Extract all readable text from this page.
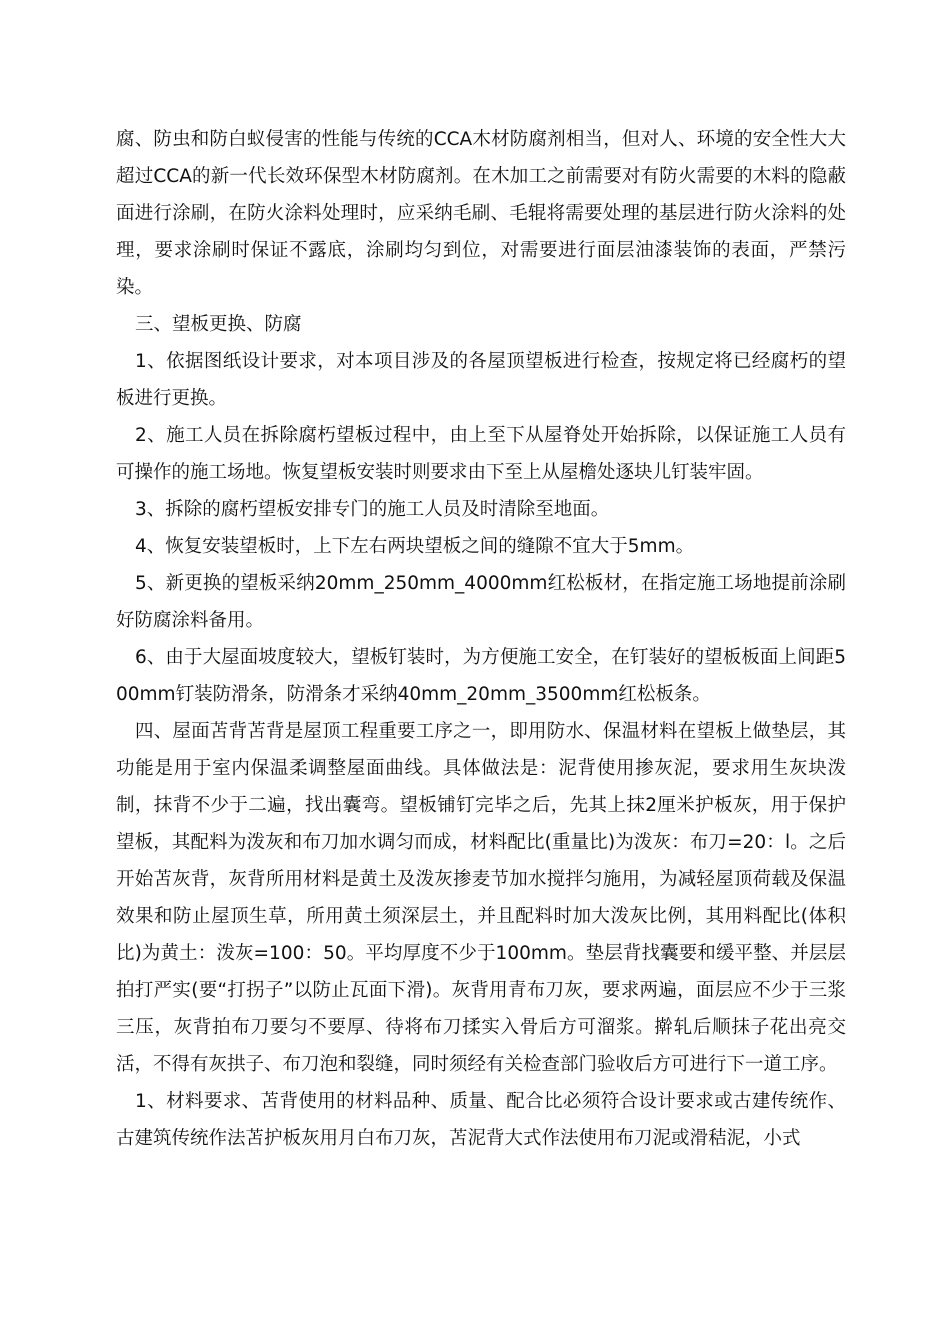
腐、防虫和防白蚁侵害的性能与传统的CCA木材防腐剂相当，但对人、环境的安全性大大超过CCA的新一代长效环保型木材防腐剂。在木加工之前需要对有防火需要的木料的隐蔽面进行涂刷，在防火涂料处理时，应采纳毛刷、毛辊将需要处理的基层进行防火涂料的处理，要求涂刷时保证不露底，涂刷均匀到位，对需要进行面层油漆装饰的表面，严禁污染。

三、望板更换、防腐

1、依据图纸设计要求，对本项目涉及的各屋顶望板进行检查，按规定将已经腐朽的望板进行更换。

2、施工人员在拆除腐朽望板过程中，由上至下从屋脊处开始拆除，以保证施工人员有可操作的施工场地。恢复望板安装时则要求由下至上从屋檐处逐块儿钉装牢固。

3、拆除的腐朽望板安排专门的施工人员及时清除至地面。

4、恢复安装望板时，上下左右两块望板之间的缝隙不宜大于5mm。

5、新更换的望板采纳20mm_250mm_4000mm红松板材，在指定施工场地提前涂刷好防腐涂料备用。

6、由于大屋面坡度较大，望板钉装时，为方便施工安全，在钉装好的望板板面上间距500mm钉装防滑条，防滑条才采纳40mm_20mm_3500mm红松板条。

四、屋面苫背苫背是屋顶工程重要工序之一，即用防水、保温材料在望板上做垫层，其功能是用于室内保温柔调整屋面曲线。具体做法是：泥背使用掺灰泥，要求用生灰块泼制，抹背不少于二遍，找出囊弯。望板铺钉完毕之后，先其上抹2厘米护板灰，用于保护望板，其配料为泼灰和布刀加水调匀而成，材料配比(重量比)为泼灰：布刀=20：l。之后开始苫灰背，灰背所用材料是黄土及泼灰掺麦节加水搅拌匀施用，为减轻屋顶荷载及保温效果和防止屋顶生草，所用黄土须深层土，并且配料时加大泼灰比例，其用料配比(体积比)为黄土：泼灰=100：50。平均厚度不少于100mm。垫层背找囊要和缓平整、并层层拍打严实(要“打拐子”以防止瓦面下滑)。灰背用青布刀灰，要求两遍，面层应不少于三浆三压，灰背拍布刀要匀不要厚、待将布刀揉实入骨后方可溜浆。擀轧后顺抹子花出亮交活，不得有灰拱子、布刀泡和裂缝，同时须经有关检查部门验收后方可进行下一道工序。

1、材料要求、苫背使用的材料品种、质量、配合比必须符合设计要求或古建传统作、古建筑传统作法苫护板灰用月白布刀灰，苫泥背大式作法使用布刀泥或滑秸泥，小式
